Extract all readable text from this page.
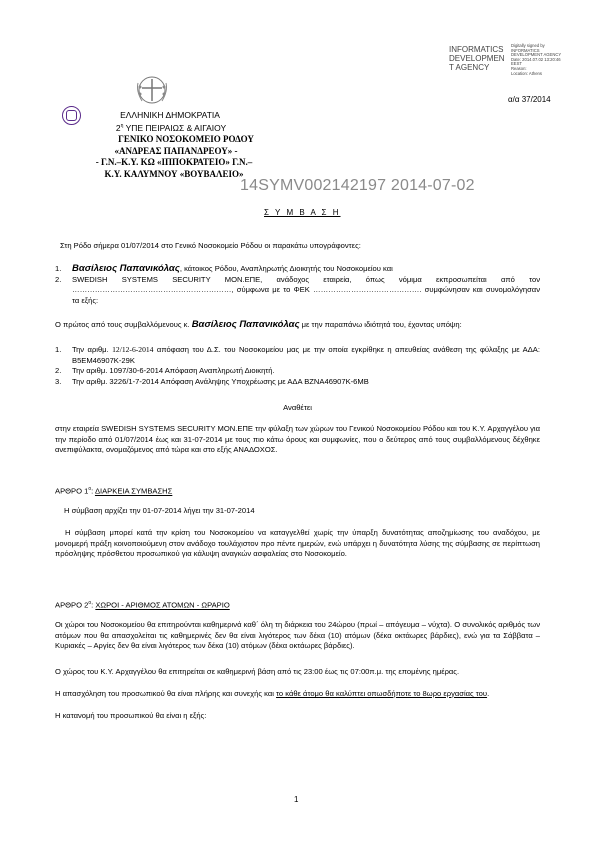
INFORMATICS DEVELOPMEN T AGENCY
Digitally signed by
INFORMATICS
DEVELOPMENT AGENCY
Date: 2014.07.02 13:20:46
EEST
Reason:
Location: Athens
α/α 37/2014
ΕΛΛΗΝΙΚΗ ΔΗΜΟΚΡΑΤΙΑ
$2^\eta$ ΥΠΕ ΠΕΙΡΑΙΩΣ & ΑΙΓΑΙΟΥ
ΓΕΝΙΚΟ ΝΟΣΟΚΟΜΕΙΟ ΡΟΔΟΥ
«ΑΝΔΡΕΑΣ ΠΑΠΑΝΔΡΕΟΥ» -
- Γ.Ν.–Κ.Υ. ΚΩ «ΙΠΠΟΚΡΑΤΕΙΟ» Γ.Ν.–
Κ.Υ. ΚΑΛΥΜΝΟΥ «ΒΟΥΒΑΛΕΙΟ»
14SYMV002142197 2014-07-02
Σ Υ Μ Β Α Σ Η
Στη Ρόδο σήμερα 01/07/2014 στο Γενικό Νοσοκομείο Ρόδου οι παρακάτω υπογράφοντες:
1.	Βασίλειος Παπανικόλας, κάτοικος Ρόδου, Αναπληρωτής Διοικητής του Νοσοκομείου και
2.	SWEDISH SYSTEMS SECURITY MON.ΕΠΕ, ανάδοχος εταιρεία, όπως νόμιμα εκπροσωπείται από τον ………………………………………………………, σύμφωνα με το ΦΕΚ ……………………………………. συμφώνησαν και συνομολόγησαν τα εξής:
Ο πρώτος από τους συμβαλλόμενους κ. Βασίλειος Παπανικόλας με την παραπάνω ιδιότητά του, έχοντας υπόψη:
1.	Την αριθμ. 12/12-6-2014 απόφαση του Δ.Σ. του Νοσοκομείου μας με την οποία εγκρίθηκε η απευθείας ανάθεση της φύλαξης με ΑΔΑ: Β5ΕΜ46907Κ-29Κ
2.	Την αριθμ. 1097/30-6-2014 Απόφαση Αναπληρωτή Διοικητή.
3.	Την αριθμ. 3226/1-7-2014 Απόφαση Ανάληψης Υποχρέωσης με ΑΔΑ ΒΖΝΑ46907Κ-6ΜΒ
Αναθέτει
στην εταιρεία SWEDISH SYSTEMS SECURITY MON.ΕΠΕ την φύλαξη των χώρων του Γενικού Νοσοκομείου Ρόδου και του Κ.Υ. Αρχαγγέλου για την περίοδο από 01/07/2014 έως και 31-07-2014 με τους πιο κάτω όρους και συμφωνίες, που ο δεύτερος από τους συμβαλλόμενους δέχθηκε ανεπιφύλακτα, ονομαζόμενος από τώρα και στο εξής ΑΝΑΔΟΧΟΣ.
ΑΡΘΡΟ $1^o$: ΔΙΑΡΚΕΙΑ ΣΥΜΒΑΣΗΣ
Η σύμβαση αρχίζει την 01-07-2014 λήγει την 31-07-2014
Η σύμβαση μπορεί κατά την κρίση του Νοσοκομείου να καταγγελθεί χωρίς την ύπαρξη δυνατότητας αποζημίωσης του αναδόχου, με μονομερή πράξη κοινοποιούμενη στον ανάδοχο τουλάχιστον προ πέντε ημερών, ενώ υπάρχει η δυνατότητα λύσης της σύμβασης σε περίπτωση πρόσληψης πρόσθετου προσωπικού για κάλυψη αναγκών ασφαλείας στο Νοσοκομείο.
ΑΡΘΡΟ $2^o$: ΧΩΡΟΙ - ΑΡΙΘΜΟΣ ΑΤΟΜΩΝ - ΩΡΑΡΙΟ
Οι χώροι του Νοσοκομείου θα επιτηρούνται καθημερινά καθ΄ όλη τη διάρκεια του 24ώρου (πρωί – απόγευμα – νύχτα). Ο συνολικός αριθμός των ατόμων που θα απασχολείται τις καθημερινές δεν θα είναι λιγότερος των δέκα (10) ατόμων (δέκα οκτάωρες βάρδιες), ενώ για τα Σάββατα – Κυριακές – Αργίες δεν θα είναι λιγότερος των δέκα (10) ατόμων (δέκα οκτάωρες βάρδιες).
Ο χώρος του Κ.Υ. Αρχαγγέλου θα επιτηρείται σε καθημερινή βάση από τις 23:00 έως τις 07:00π.μ. της επομένης ημέρας.
Η απασχόληση του προσωπικού θα είναι πλήρης και συνεχής και το κάθε άτομο θα καλύπτει οπωσδήποτε το 8ωρο εργασίας του.
Η κατανομή του προσωπικού θα είναι η εξής:
1
